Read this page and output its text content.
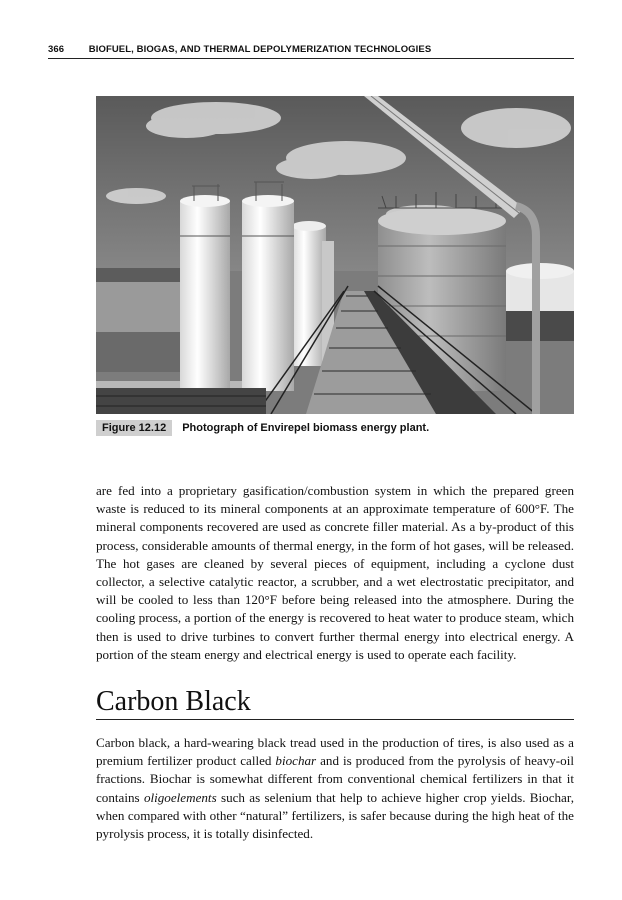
366	BIOFUEL, BIOGAS, AND THERMAL DEPOLYMERIZATION TECHNOLOGIES
Figure 12.12 Photograph of Envirepel biomass energy plant.

are fed into a proprietary gasification/combustion system in which the prepared green waste is reduced to its mineral components at an approximate temperature of 600°F. The mineral components recovered are used as concrete filler material. As a by-product of this process, considerable amounts of thermal energy, in the form of hot gases, will be released. The hot gases are cleaned by several pieces of equipment, including a cyclone dust collector, a selective catalytic reactor, a scrubber, and a wet electrostatic precipitator, and will be cooled to less than 120°F before being released into the atmosphere. During the cooling process, a portion of the energy is recovered to heat water to produce steam, which then is used to drive turbines to convert further thermal energy into electrical energy. A portion of the steam energy and electrical energy is used to operate each facility.

Carbon Black

Carbon black, a hard-wearing black tread used in the production of tires, is also used as a premium fertilizer product called biochar and is produced from the pyrolysis of heavy-oil fractions. Biochar is somewhat different from conventional chemical fertilizers in that it contains oligoelements such as selenium that help to achieve higher crop yields. Biochar, when compared with other “natural” fertilizers, is safer because during the high heat of the pyrolysis process, it is totally disinfected.
